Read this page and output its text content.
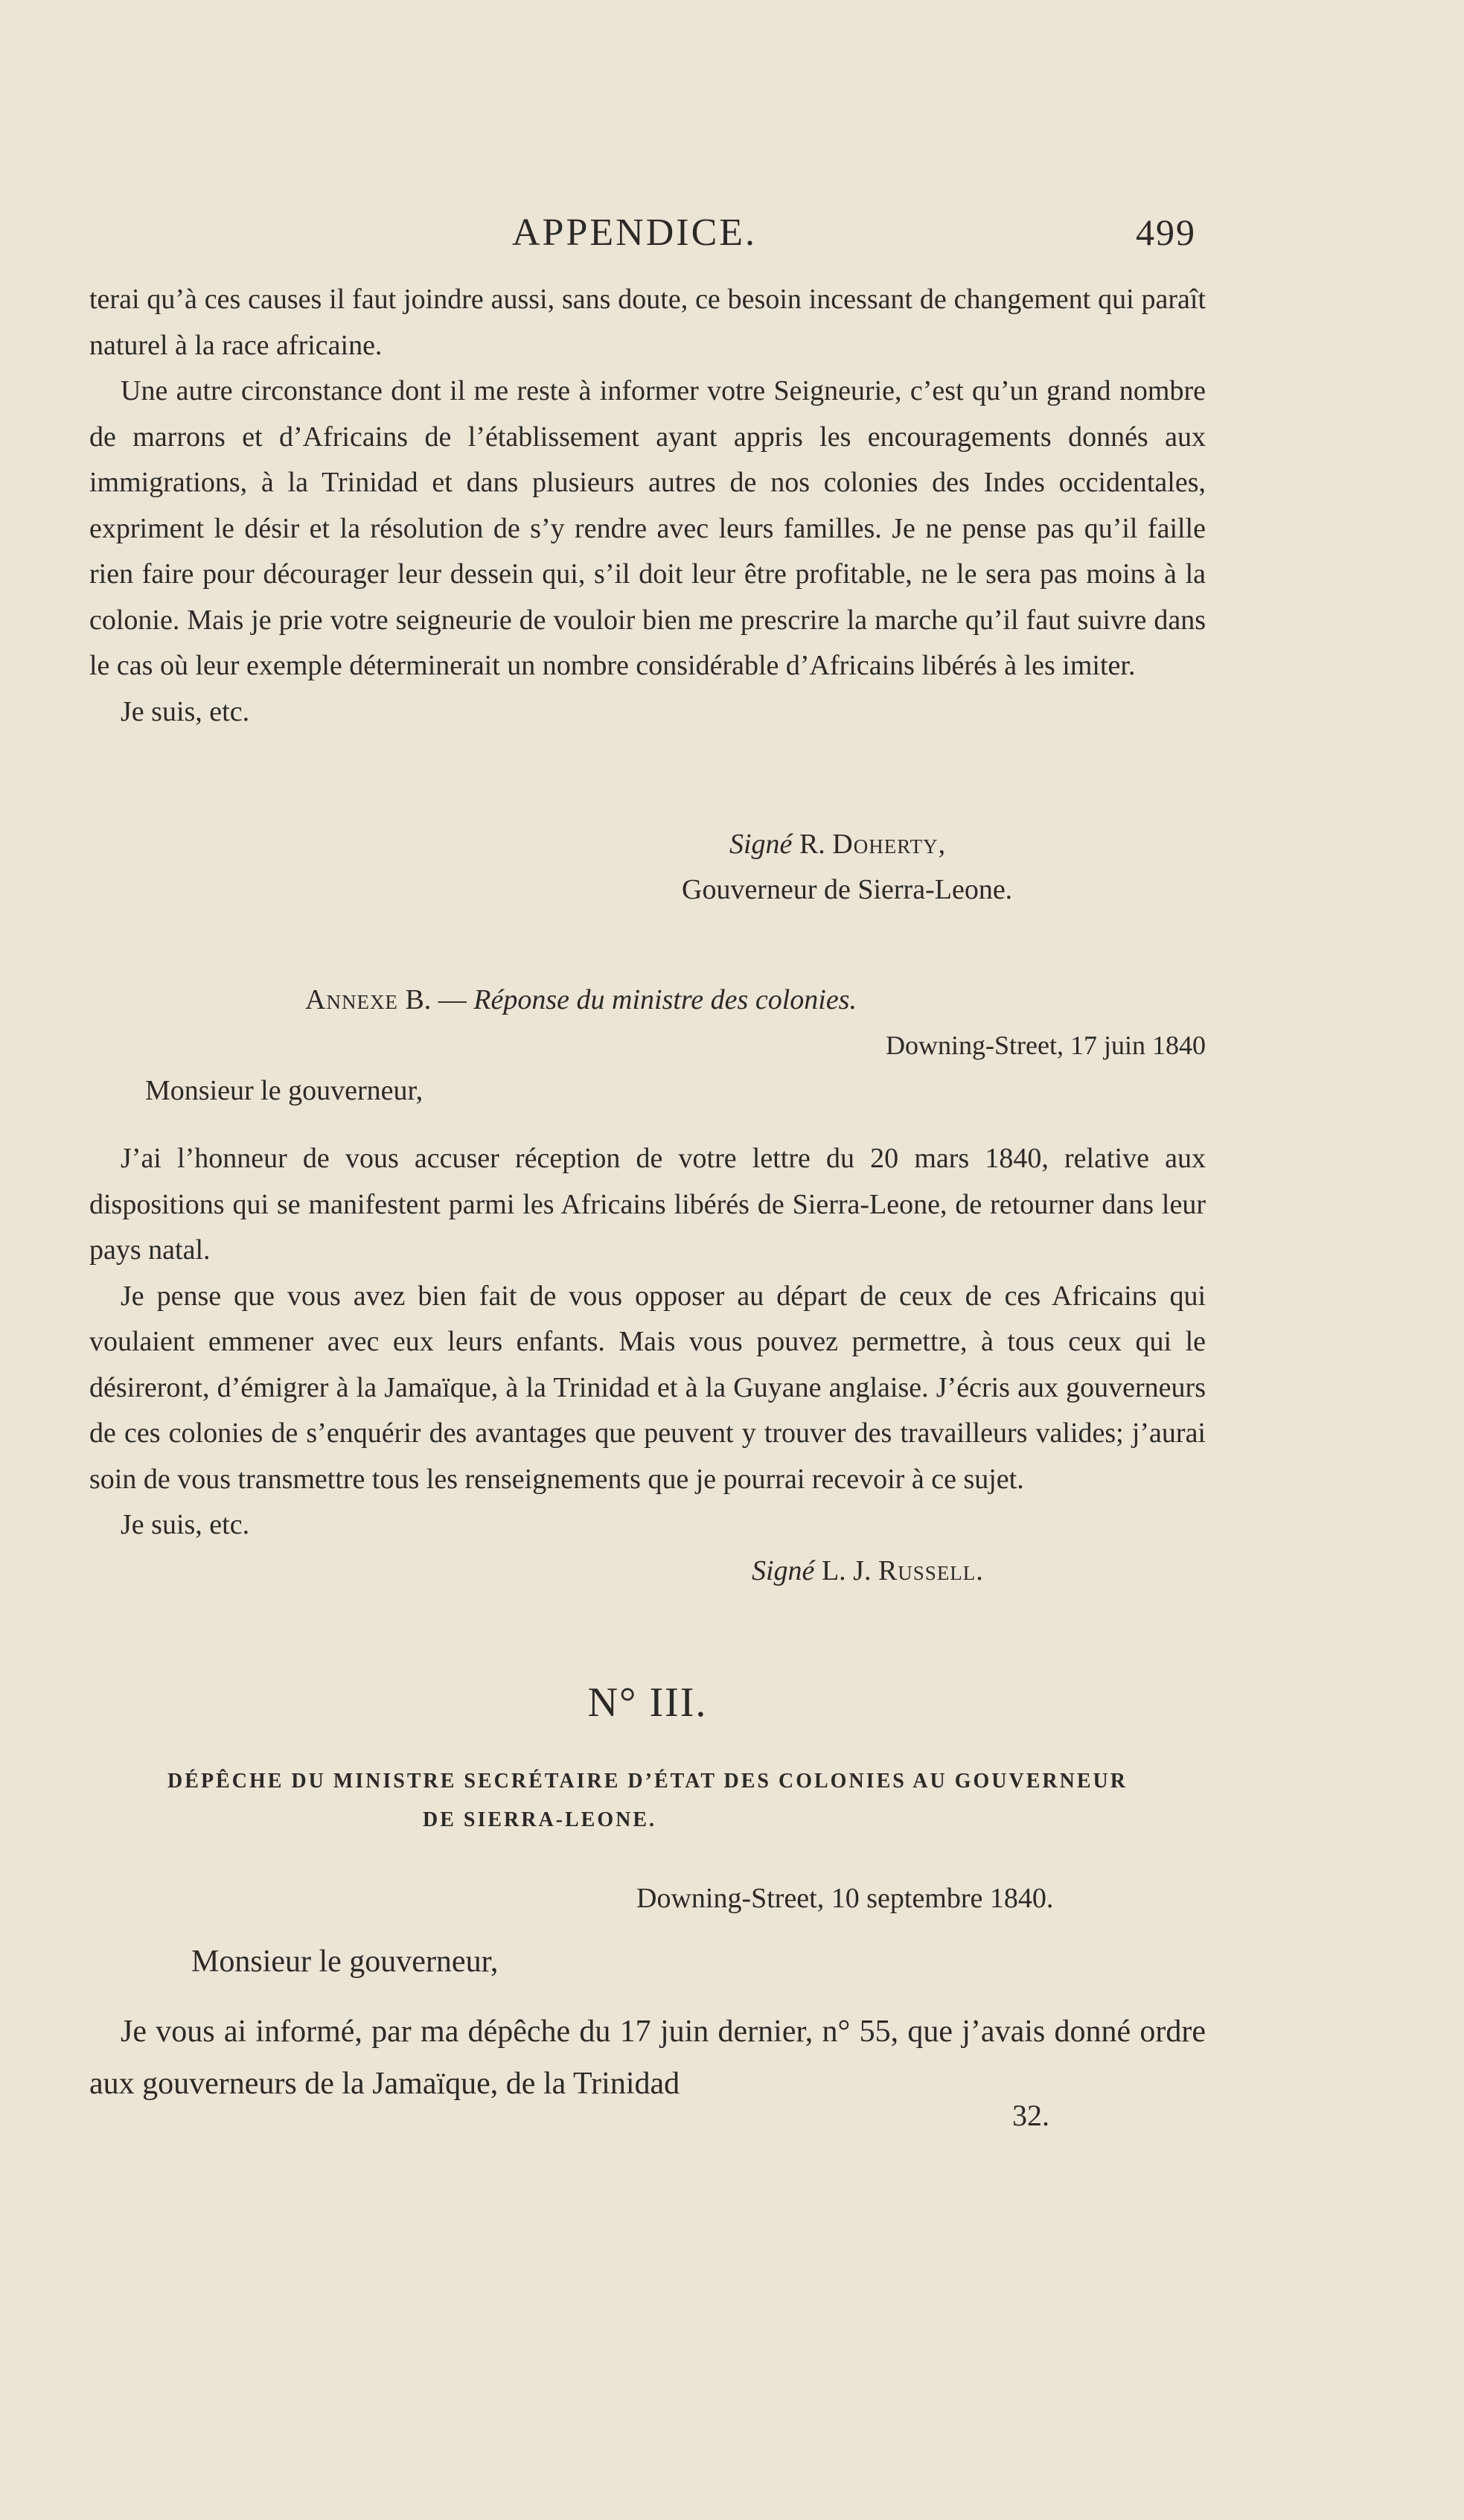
APPENDICE.	499

terai qu’à ces causes il faut joindre aussi, sans doute, ce besoin incessant de changement qui paraît naturel à la race africaine.

Une autre circonstance dont il me reste à informer votre Seigneurie, c’est qu’un grand nombre de marrons et d’Africains de l’établissement ayant appris les encouragements donnés aux immigrations, à la Trinidad et dans plusieurs autres de nos colonies des Indes occidentales, expriment le désir et la résolution de s’y rendre avec leurs familles. Je ne pense pas qu’il faille rien faire pour décourager leur dessein qui, s’il doit leur être profitable, ne le sera pas moins à la colonie. Mais je prie votre seigneurie de vouloir bien me prescrire la marche qu’il faut suivre dans le cas où leur exemple déterminerait un nombre considérable d’Africains libérés à les imiter.

Je suis, etc.

Signé R. Doherty,

Gouverneur de Sierra-Leone.

Annexe B. — Réponse du ministre des colonies.

Downing-Street, 17 juin 1840

Monsieur le gouverneur,

J’ai l’honneur de vous accuser réception de votre lettre du 20 mars 1840, relative aux dispositions qui se manifestent parmi les Africains libérés de Sierra-Leone, de retourner dans leur pays natal.

Je pense que vous avez bien fait de vous opposer au départ de ceux de ces Africains qui voulaient emmener avec eux leurs enfants. Mais vous pouvez permettre, à tous ceux qui le désireront, d’émigrer à la Jamaïque, à la Trinidad et à la Guyane anglaise. J’écris aux gouverneurs de ces colonies de s’enquérir des avantages que peuvent y trouver des travailleurs valides; j’aurai soin de vous transmettre tous les renseignements que je pourrai recevoir à ce sujet.

Je suis, etc.

Signé L. J. Russell.

N° III.

DÉPÊCHE DU MINISTRE SECRÉTAIRE D’ÉTAT DES COLONIES AU GOUVERNEUR

DE SIERRA-LEONE.

Downing-Street, 10 septembre 1840.

Monsieur le gouverneur,

Je vous ai informé, par ma dépêche du 17 juin dernier, n° 55, que j’avais donné ordre aux gouverneurs de la Jamaïque, de la Trinidad

32.
